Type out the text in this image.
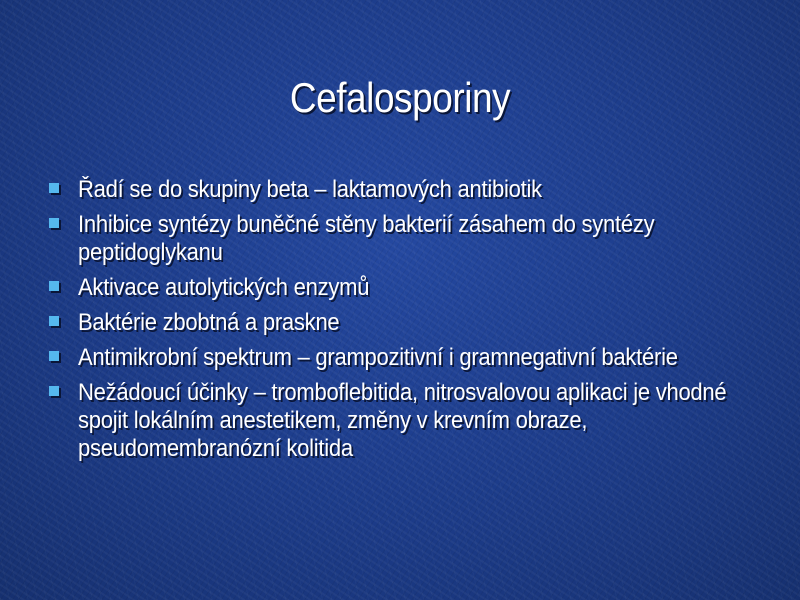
Cefalosporiny
Řadí se do skupiny beta – laktamových antibiotik
Inhibice syntézy buněčné stěny bakterií zásahem do syntézy peptidoglykanu
Aktivace autolytických enzymů
Baktérie zbobtná a praskne
Antimikrobní spektrum – grampozitivní i gramnegativní baktérie
Nežádoucí účinky – tromboflebitida, nitrosvalovou aplikaci je vhodné spojit lokálním anestetikem, změny v krevním obraze, pseudomembranózní kolitida
